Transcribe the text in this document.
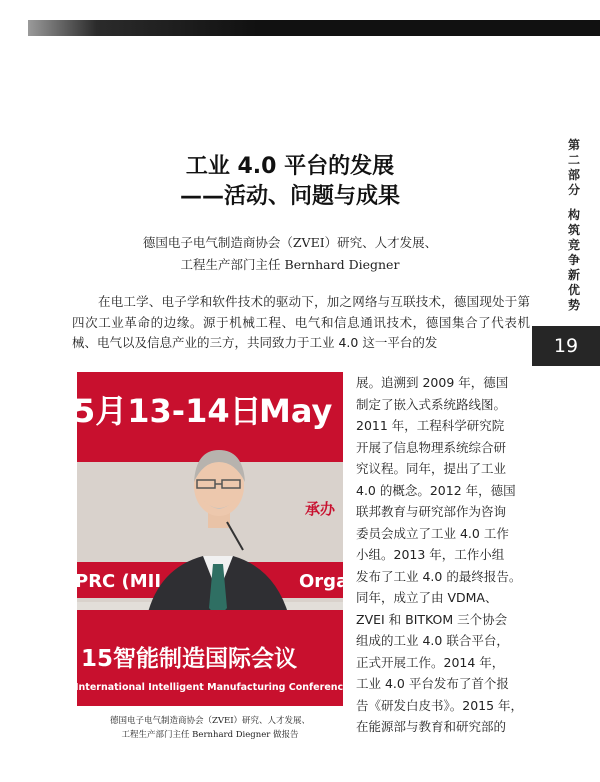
第二部分
构筑竞争新优势
19

工业 4.0 平台的发展

——活动、问题与成果

德国电子电气制造商协会（ZVEI）研究、人才发展、
工程生产部门主任 Bernhard Diegner

在电工学、电子学和软件技术的驱动下，加之网络与互联技术，德国现处于第四次工业革命的边缘。源于机械工程、电气和信息通讯技术，德国集合了代表机械、电气以及信息产业的三方，共同致力于工业 4.0 这一平台的发

5月13-14日
May 13
承办
PRC (MII	Orga
15智能制造国际会议
International Intelligent Manufacturing Conference
德国电子电气制造商协会（ZVEI）研究、人才发展、
工程生产部门主任 Bernhard Diegner 做报告
展。追溯到 2009 年，德国
制定了嵌入式系统路线图。
2011 年，工程科学研究院
开展了信息物理系统综合研
究议程。同年，提出了工业
4.0 的概念。2012 年，德国
联邦教育与研究部作为咨询
委员会成立了工业 4.0 工作
小组。2013 年，工作小组
发布了工业 4.0 的最终报告。
同年，成立了由 VDMA、
ZVEI 和 BITKOM 三个协会
组成的工业 4.0 联合平台，
正式开展工作。2014 年，
工业 4.0 平台发布了首个报
告《研发白皮书》。2015 年，
在能源部与教育和研究部的
